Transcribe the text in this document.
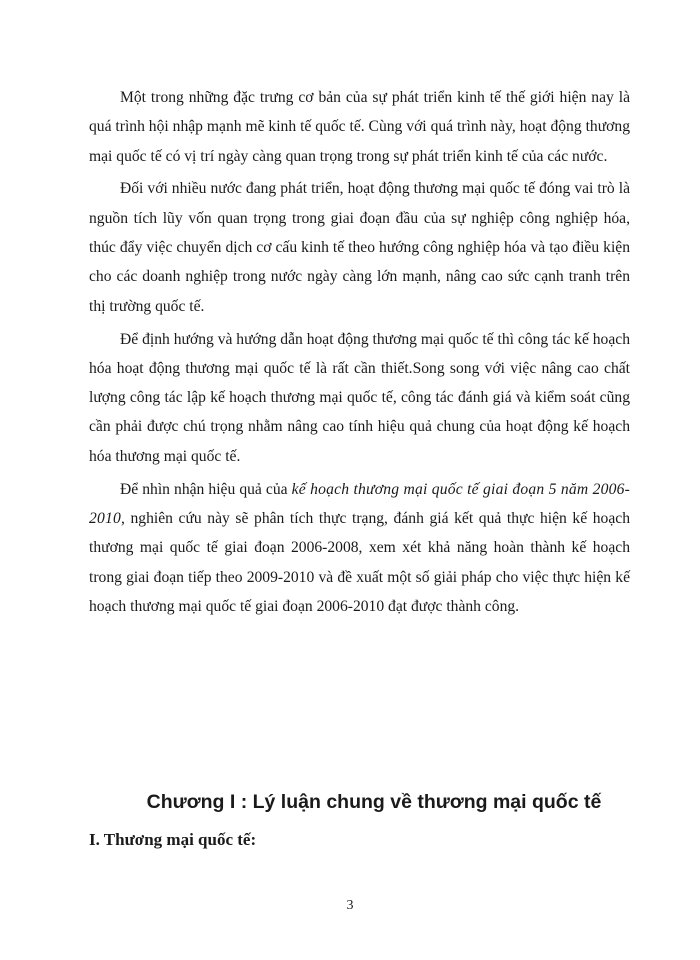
Một trong những đặc trưng cơ bản của sự phát triển kinh tế thế giới hiện nay là quá trình hội nhập mạnh mẽ kinh tế quốc tế. Cùng với quá trình này, hoạt động thương mại quốc tế có vị trí ngày càng quan trọng trong sự phát triển kinh tế của các nước.

Đối với nhiều nước đang phát triển, hoạt động thương mại quốc tế đóng vai trò là nguồn tích lũy vốn quan trọng trong giai đoạn đầu của sự nghiệp công nghiệp hóa, thúc đẩy việc chuyển dịch cơ cấu kinh tế theo hướng công nghiệp hóa và tạo điều kiện cho các doanh nghiệp trong nước ngày càng lớn mạnh, nâng cao sức cạnh tranh trên thị trường quốc tế.

Để định hướng và hướng dẫn hoạt động thương mại quốc tế thì công tác kế hoạch hóa hoạt động thương mại quốc tế là rất cần thiết.Song song với việc nâng cao chất lượng công tác lập kế hoạch thương mại quốc tế, công tác đánh giá và kiểm soát cũng cần phải được chú trọng nhằm nâng cao tính hiệu quả chung của hoạt động kế hoạch hóa thương mại quốc tế.

Để nhìn nhận hiệu quả của kế hoạch thương mại quốc tế giai đoạn 5 năm 2006-2010, nghiên cứu này sẽ phân tích thực trạng, đánh giá kết quả thực hiện kế hoạch thương mại quốc tế giai đoạn 2006-2008, xem xét khả năng hoàn thành kế hoạch trong giai đoạn tiếp theo 2009-2010 và đề xuất một số giải pháp cho việc thực hiện kế hoạch thương mại quốc tế giai đoạn 2006-2010 đạt được thành công.

Chương I : Lý luận chung về thương mại quốc tế
I. Thương mại quốc tế:
3
